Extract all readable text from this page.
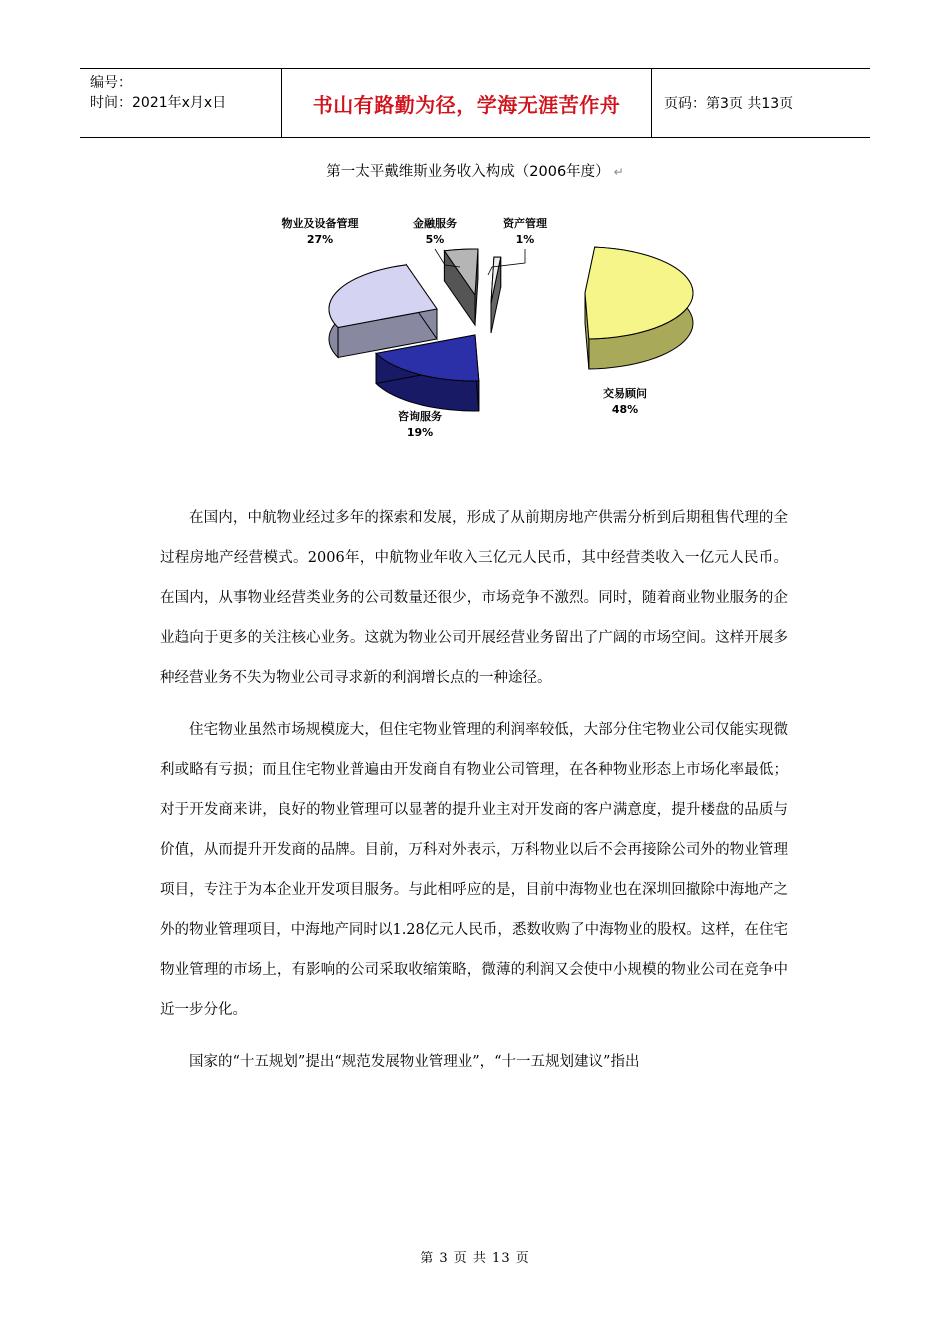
编号：
时间：2021年x月x日	书山有路勤为径，学海无涯苦作舟	页码：第3页 共13页
第一太平戴维斯业务收入构成（2006年度） ↵
交易顾问
48%
咨询服务
19%
物业及设备管理
27%
金融服务
5%
资产管理
1%

在国内，中航物业经过多年的探索和发展，形成了从前期房地产供需分析到后期租售代理的全过程房地产经营模式。2006年，中航物业年收入三亿元人民币，其中经营类收入一亿元人民币。在国内，从事物业经营类业务的公司数量还很少，市场竞争不激烈。同时，随着商业物业服务的企业趋向于更多的关注核心业务。这就为物业公司开展经营业务留出了广阔的市场空间。这样开展多种经营业务不失为物业公司寻求新的利润增长点的一种途径。

住宅物业虽然市场规模庞大，但住宅物业管理的利润率较低，大部分住宅物业公司仅能实现微利或略有亏损；而且住宅物业普遍由开发商自有物业公司管理，在各种物业形态上市场化率最低；对于开发商来讲，良好的物业管理可以显著的提升业主对开发商的客户满意度，提升楼盘的品质与价值，从而提升开发商的品牌。目前，万科对外表示，万科物业以后不会再接除公司外的物业管理项目，专注于为本企业开发项目服务。与此相呼应的是，目前中海物业也在深圳回撤除中海地产之外的物业管理项目，中海地产同时以1.28亿元人民币，悉数收购了中海物业的股权。这样，在住宅物业管理的市场上，有影响的公司采取收缩策略，微薄的利润又会使中小规模的物业公司在竞争中近一步分化。

国家的“十五规划”提出“规范发展物业管理业”，“十一五规划建议”指出

第 3 页 共 13 页
